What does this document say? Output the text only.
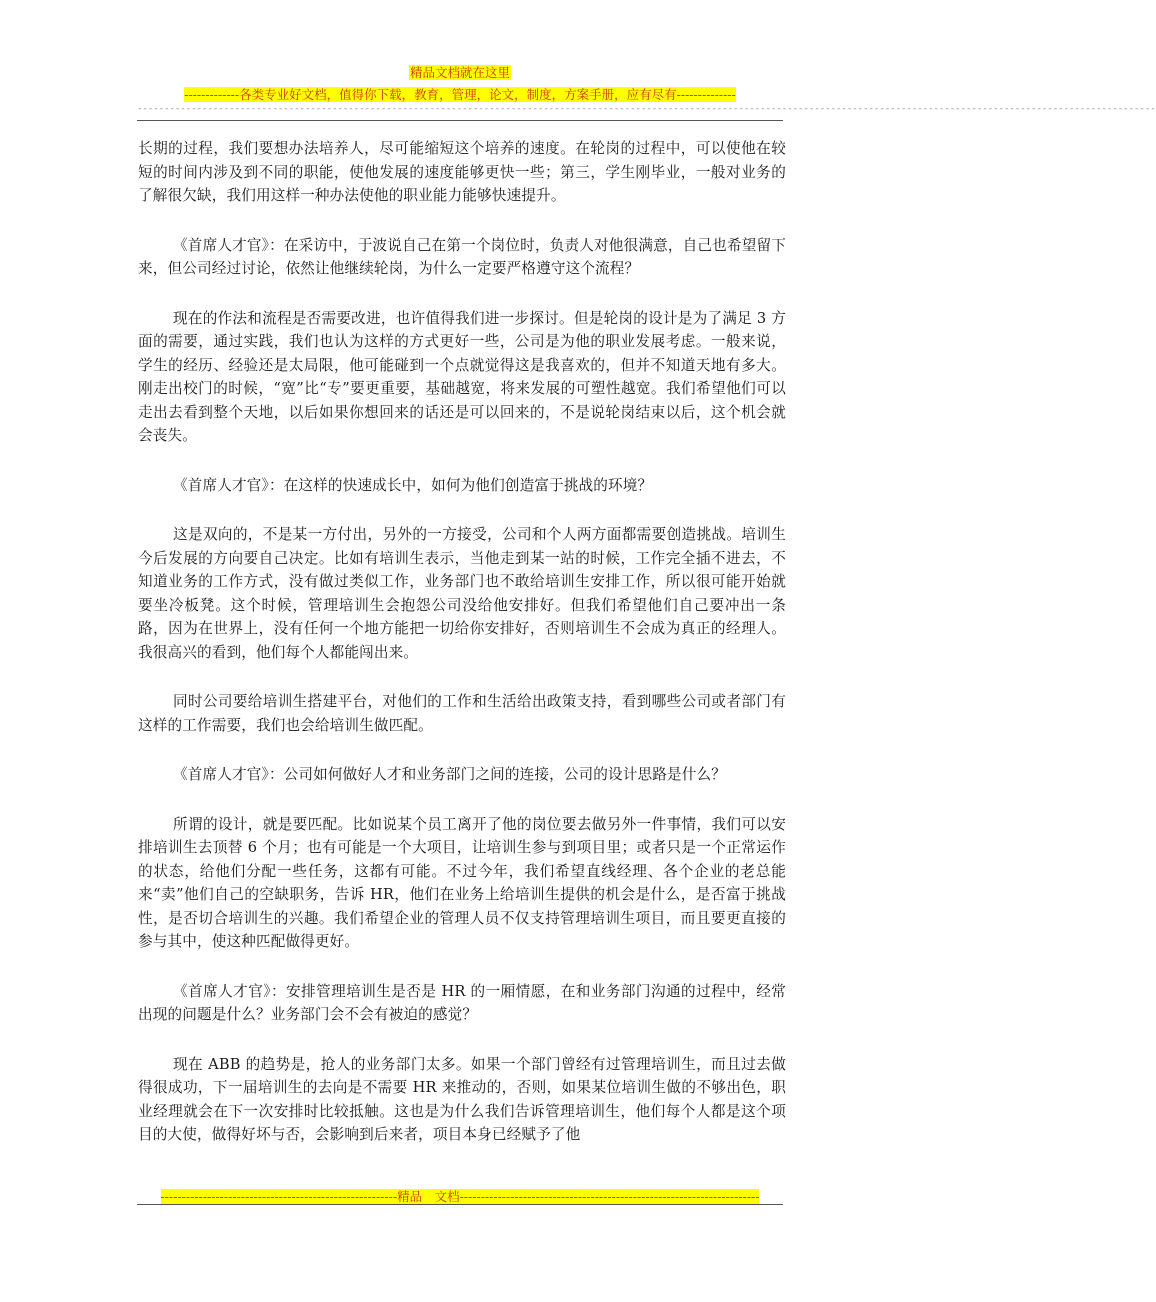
精品文档就在这里
-------------各类专业好文档，值得你下载，教育，管理，论文，制度，方案手册，应有尽有--------------
--------------------------------------------------------------------------------------------------------------------------------------------------------------------------------------------

长期的过程，我们要想办法培养人，尽可能缩短这个培养的速度。在轮岗的过程中，可以使他在较短的时间内涉及到不同的职能，使他发展的速度能够更快一些；第三，学生刚毕业，一般对业务的了解很欠缺，我们用这样一种办法使他的职业能力能够快速提升。

《首席人才官》：在采访中，于波说自己在第一个岗位时，负责人对他很满意，自己也希望留下来，但公司经过讨论，依然让他继续轮岗，为什么一定要严格遵守这个流程？

现在的作法和流程是否需要改进，也许值得我们进一步探讨。但是轮岗的设计是为了满足 3 方面的需要，通过实践，我们也认为这样的方式更好一些，公司是为他的职业发展考虑。一般来说，学生的经历、经验还是太局限，他可能碰到一个点就觉得这是我喜欢的，但并不知道天地有多大。刚走出校门的时候，“宽”比“专”要更重要，基础越宽，将来发展的可塑性越宽。我们希望他们可以走出去看到整个天地，以后如果你想回来的话还是可以回来的，不是说轮岗结束以后，这个机会就会丧失。

《首席人才官》：在这样的快速成长中，如何为他们创造富于挑战的环境？

这是双向的，不是某一方付出，另外的一方接受，公司和个人两方面都需要创造挑战。培训生今后发展的方向要自己决定。比如有培训生表示，当他走到某一站的时候，工作完全插不进去，不知道业务的工作方式，没有做过类似工作，业务部门也不敢给培训生安排工作，所以很可能开始就要坐冷板凳。这个时候，管理培训生会抱怨公司没给他安排好。但我们希望他们自己要冲出一条路，因为在世界上，没有任何一个地方能把一切给你安排好，否则培训生不会成为真正的经理人。我很高兴的看到，他们每个人都能闯出来。

同时公司要给培训生搭建平台，对他们的工作和生活给出政策支持，看到哪些公司或者部门有这样的工作需要，我们也会给培训生做匹配。

《首席人才官》：公司如何做好人才和业务部门之间的连接，公司的设计思路是什么？

所谓的设计，就是要匹配。比如说某个员工离开了他的岗位要去做另外一件事情，我们可以安排培训生去顶替 6 个月；也有可能是一个大项目，让培训生参与到项目里；或者只是一个正常运作的状态，给他们分配一些任务，这都有可能。不过今年，我们希望直线经理、各个企业的老总能来“卖”他们自己的空缺职务，告诉 HR，他们在业务上给培训生提供的机会是什么，是否富于挑战性，是否切合培训生的兴趣。我们希望企业的管理人员不仅支持管理培训生项目，而且要更直接的参与其中，使这种匹配做得更好。

《首席人才官》：安排管理培训生是否是 HR 的一厢情愿，在和业务部门沟通的过程中，经常出现的问题是什么？业务部门会不会有被迫的感觉？

现在 ABB 的趋势是，抢人的业务部门太多。如果一个部门曾经有过管理培训生，而且过去做得很成功，下一届培训生的去向是不需要 HR 来推动的，否则，如果某位培训生做的不够出色，职业经理就会在下一次安排时比较抵触。这也是为什么我们告诉管理培训生，他们每个人都是这个项目的大使，做得好坏与否，会影响到后来者，项目本身已经赋予了他

--------------------------------------------------------精品　文档-----------------------------------------------------------------------
